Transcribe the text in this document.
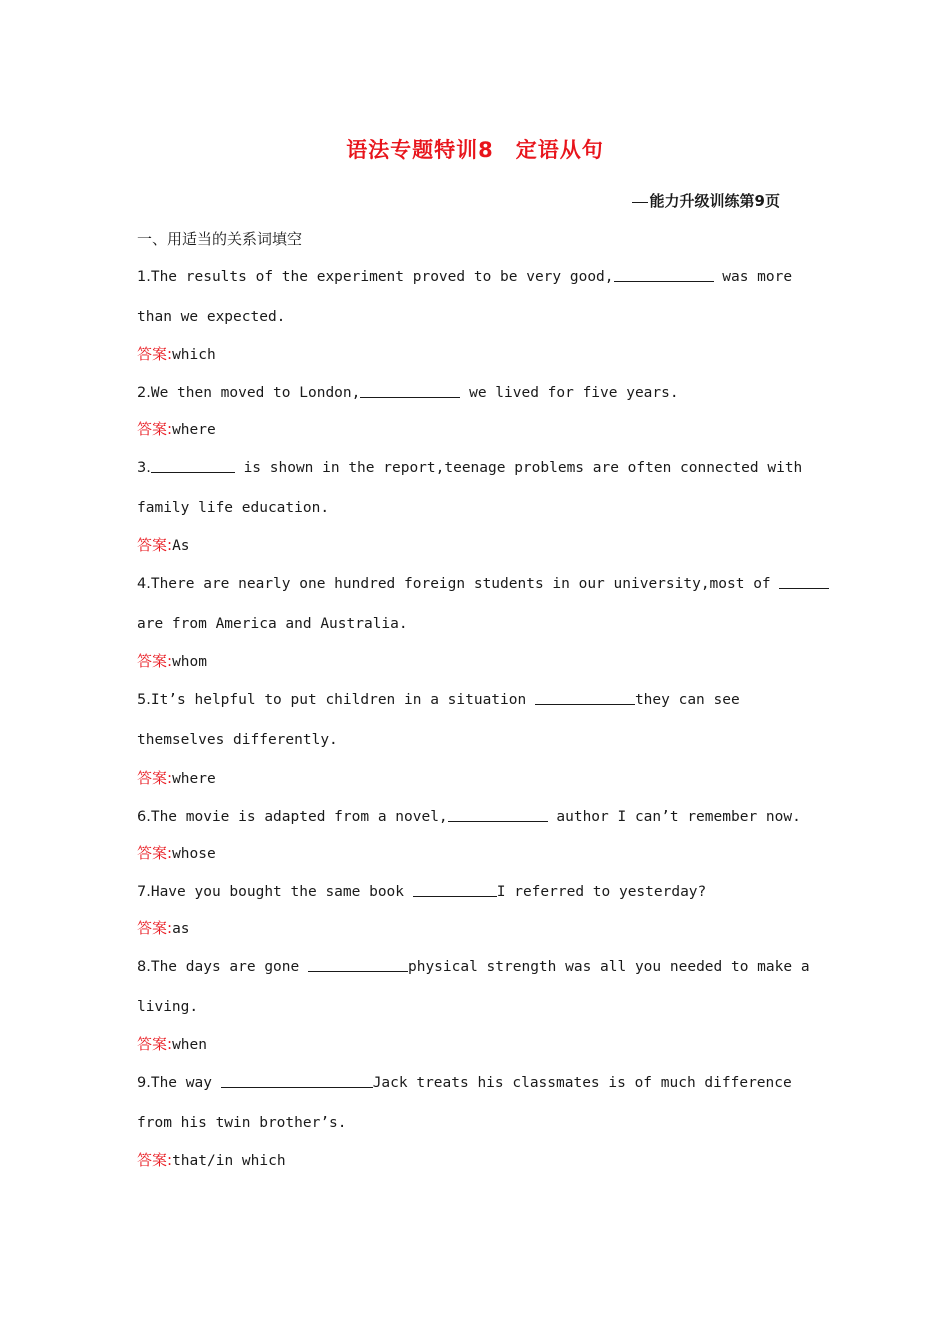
语法专题特训8　定语从句
能力升级训练第9页
一、用适当的关系词填空
1.The results of the experiment proved to be very good,	was more
than we expected.
答案:which
2.We then moved to London,	we lived for five years.
答案:where
3.	is shown in the report,teenage problems are often connected with
family life education.
答案:As
4.There are nearly one hundred foreign students in our university,most of
are from America and Australia.
答案:whom
5.It’s helpful to put children in a situation	they can see
themselves differently.
答案:where
6.The movie is adapted from a novel,	author I can’t remember now.
答案:whose
7.Have you bought the same book	I referred to yesterday?
答案:as
8.The days are gone	physical strength was all you needed to make a
living.
答案:when
9.The way	Jack treats his classmates is of much difference
from his twin brother’s.
答案:that/in which
